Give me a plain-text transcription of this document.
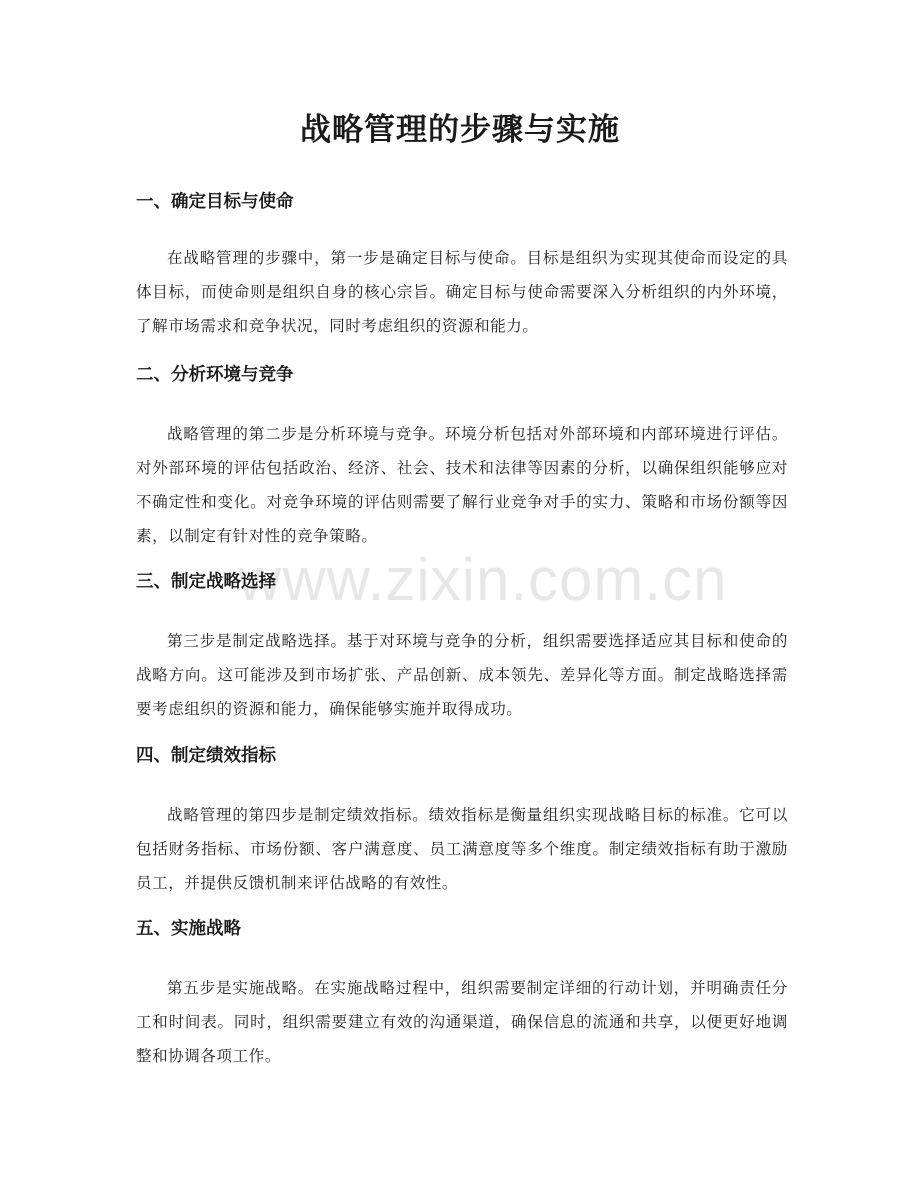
战略管理的步骤与实施
一、确定目标与使命

在战略管理的步骤中，第一步是确定目标与使命。目标是组织为实现其使命而设定的具体目标，而使命则是组织自身的核心宗旨。确定目标与使命需要深入分析组织的内外环境，了解市场需求和竞争状况，同时考虑组织的资源和能力。

二、分析环境与竞争

战略管理的第二步是分析环境与竞争。环境分析包括对外部环境和内部环境进行评估。对外部环境的评估包括政治、经济、社会、技术和法律等因素的分析，以确保组织能够应对不确定性和变化。对竞争环境的评估则需要了解行业竞争对手的实力、策略和市场份额等因素，以制定有针对性的竞争策略。

三、制定战略选择

第三步是制定战略选择。基于对环境与竞争的分析，组织需要选择适应其目标和使命的战略方向。这可能涉及到市场扩张、产品创新、成本领先、差异化等方面。制定战略选择需要考虑组织的资源和能力，确保能够实施并取得成功。

四、制定绩效指标

战略管理的第四步是制定绩效指标。绩效指标是衡量组织实现战略目标的标准。它可以包括财务指标、市场份额、客户满意度、员工满意度等多个维度。制定绩效指标有助于激励员工，并提供反馈机制来评估战略的有效性。

五、实施战略

第五步是实施战略。在实施战略过程中，组织需要制定详细的行动计划，并明确责任分工和时间表。同时，组织需要建立有效的沟通渠道，确保信息的流通和共享，以便更好地调整和协调各项工作。

www.zixin.com.cn
